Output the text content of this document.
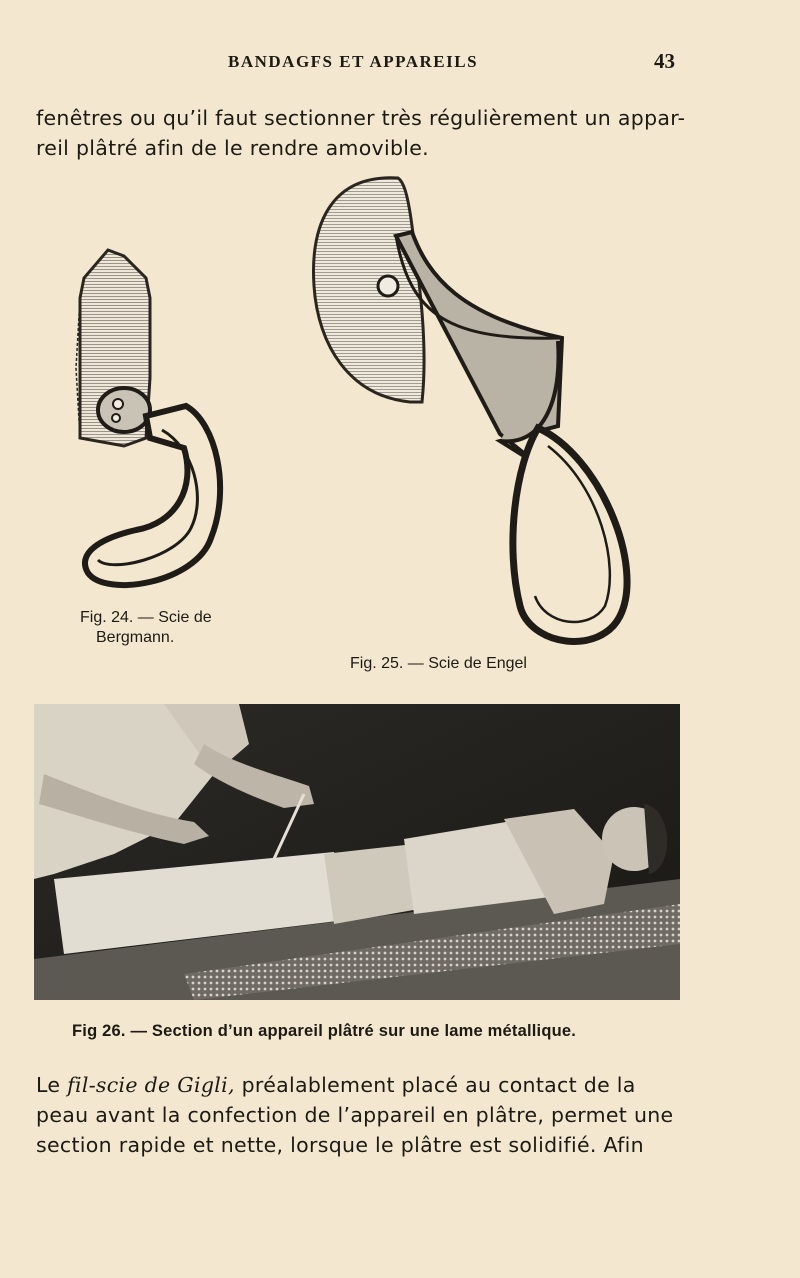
BANDAGFS ET APPAREILS	43
fenêtres ou qu’il faut sectionner très régulièrement un appar-
reil plâtré afin de le rendre amovible.
Fig. 24. — Scie de
Bergmann.
Fig. 25. — Scie de Engel
Fig 26. — Section d’un appareil plâtré sur une lame métallique.
Le fil-scie de Gigli, préalablement placé au contact de la
peau avant la confection de l’appareil en plâtre, permet une
section rapide et nette, lorsque le plâtre est solidifié. Afin
